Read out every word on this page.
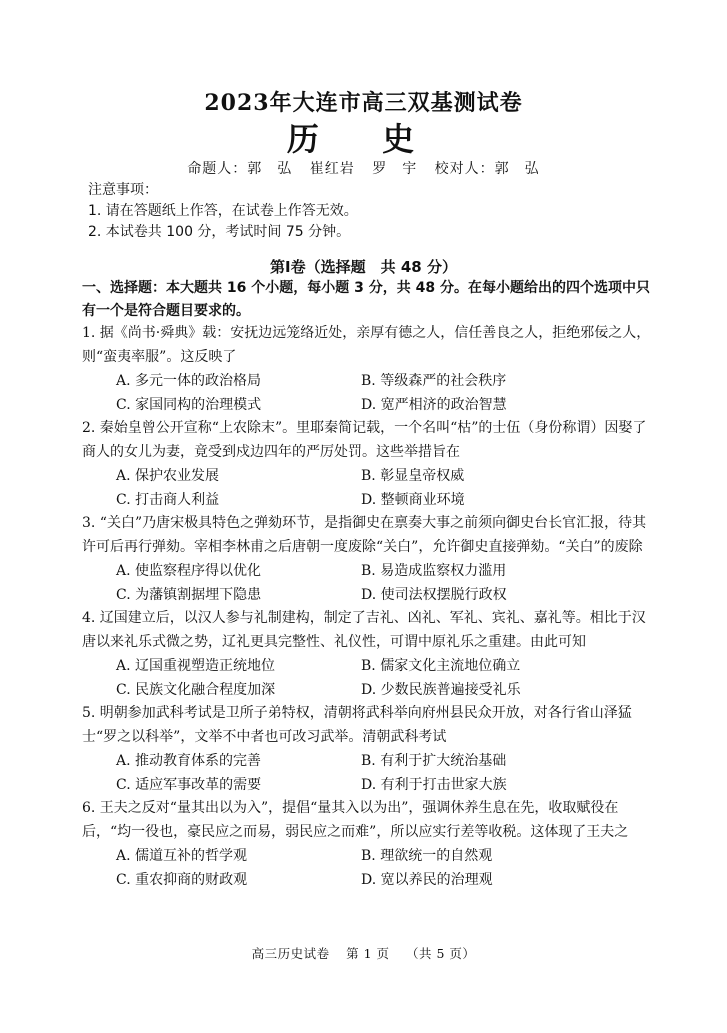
2023年大连市高三双基测试卷
历 史
命题人：郭　弘 崔红岩 罗　宇 校对人：郭　弘
注意事项：
1. 请在答题纸上作答，在试卷上作答无效。
2. 本试卷共 100 分，考试时间 75 分钟。
第Ⅰ卷（选择题　共 48 分）
一、选择题：本大题共 16 个小题，每小题 3 分，共 48 分。在每小题给出的四个选项中只有一个是符合题目要求的。

1. 据《尚书·舜典》载：安抚边远笼络近处，亲厚有德之人，信任善良之人，拒绝邪佞之人，则“蛮夷率服”。这反映了

A. 多元一体的政治格局	B. 等级森严的社会秩序
C. 家国同构的治理模式	D. 宽严相济的政治智慧

2. 秦始皇曾公开宣称“上农除末”。里耶秦简记载，一个名叫“枯”的士伍（身份称谓）因娶了商人的女儿为妻，竟受到戍边四年的严厉处罚。这些举措旨在

A. 保护农业发展	B. 彰显皇帝权威
C. 打击商人利益	D. 整顿商业环境

3. “关白”乃唐宋极具特色之弹劾环节，是指御史在禀奏大事之前须向御史台长官汇报，待其许可后再行弹劾。宰相李林甫之后唐朝一度废除“关白”，允许御史直接弹劾。“关白”的废除

A. 使监察程序得以优化	B. 易造成监察权力滥用
C. 为藩镇割据埋下隐患	D. 使司法权摆脱行政权

4. 辽国建立后，以汉人参与礼制建构，制定了吉礼、凶礼、军礼、宾礼、嘉礼等。相比于汉唐以来礼乐式微之势，辽礼更具完整性、礼仪性，可谓中原礼乐之重建。由此可知

A. 辽国重视塑造正统地位	B. 儒家文化主流地位确立
C. 民族文化融合程度加深	D. 少数民族普遍接受礼乐

5. 明朝参加武科考试是卫所子弟特权，清朝将武科举向府州县民众开放，对各行省山泽猛士“罗之以科举”，文举不中者也可改习武举。清朝武科考试

A. 推动教育体系的完善	B. 有利于扩大统治基础
C. 适应军事改革的需要	D. 有利于打击世家大族

6. 王夫之反对“量其出以为入”，提倡“量其入以为出”，强调休养生息在先，收取赋役在后，“均一役也，豪民应之而易，弱民应之而难”，所以应实行差等收税。这体现了王夫之

A. 儒道互补的哲学观	B. 理欲统一的自然观
C. 重农抑商的财政观	D. 宽以养民的治理观
高三历史试卷 第 1 页 （共 5 页）
